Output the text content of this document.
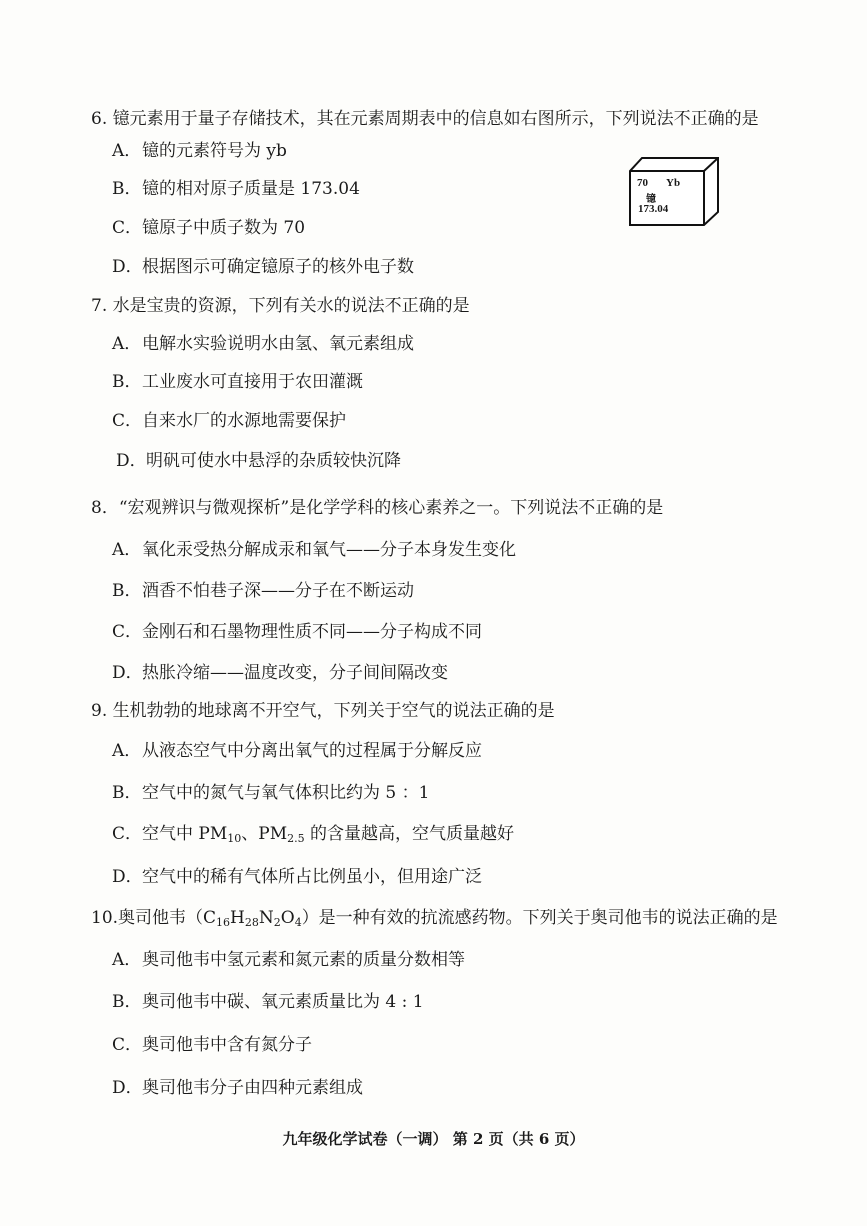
6. 镱元素用于量子存储技术，其在元素周期表中的信息如右图所示，下列说法不正确的是
A．镱的元素符号为 yb
B．镱的相对原子质量是 173.04
C．镱原子中质子数为 70
D．根据图示可确定镱原子的核外电子数
70 Yb
镱
173.04
7. 水是宝贵的资源，下列有关水的说法不正确的是
A．电解水实验说明水由氢、氧元素组成
B．工业废水可直接用于农田灌溉
C．自来水厂的水源地需要保护
D．明矾可使水中悬浮的杂质较快沉降
8．“宏观辨识与微观探析”是化学学科的核心素养之一。下列说法不正确的是
A．氧化汞受热分解成汞和氧气——分子本身发生变化
B．酒香不怕巷子深——分子在不断运动
C．金刚石和石墨物理性质不同——分子构成不同
D．热胀冷缩——温度改变，分子间间隔改变
9. 生机勃勃的地球离不开空气，下列关于空气的说法正确的是
A．从液态空气中分离出氧气的过程属于分解反应
B．空气中的氮气与氧气体积比约为 5 ：1
C．空气中 $PM_{10}$、$PM_{2.5}$ 的含量越高，空气质量越好
D．空气中的稀有气体所占比例虽小，但用途广泛
10.奥司他韦$(C_{16}H_{28}N_2O_4)$是一种有效的抗流感药物。下列关于奥司他韦的说法正确的是
A．奥司他韦中氢元素和氮元素的质量分数相等
B．奥司他韦中碳、氧元素质量比为 4 : 1
C．奥司他韦中含有氮分子
D．奥司他韦分子由四种元素组成
九年级化学试卷（一调） 第 2 页（共 6 页）
